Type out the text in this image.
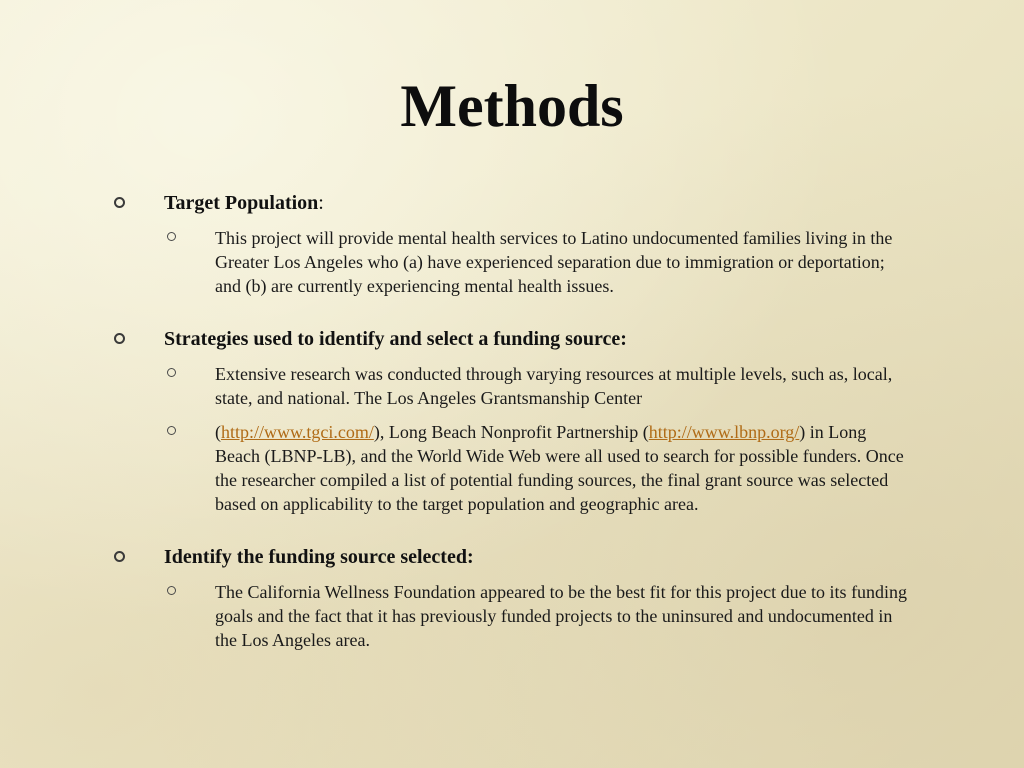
Methods
Target Population:
This project will provide mental health services to Latino undocumented families living in the Greater Los Angeles who (a) have experienced separation due to immigration or deportation; and (b) are currently experiencing mental health issues.
Strategies used to identify and select a funding source:
Extensive research was conducted through varying resources at multiple levels, such as, local, state, and national. The Los Angeles Grantsmanship Center
(http://www.tgci.com/), Long Beach Nonprofit Partnership (http://www.lbnp.org/) in Long Beach (LBNP-LB), and the World Wide Web were all used to search for possible funders. Once the researcher compiled a list of potential funding sources, the final grant source was selected based on applicability to the target population and geographic area.
Identify the funding source selected:
The California Wellness Foundation appeared to be the best fit for this project due to its funding goals and the fact that it has previously funded projects to the uninsured and undocumented in the Los Angeles area.
